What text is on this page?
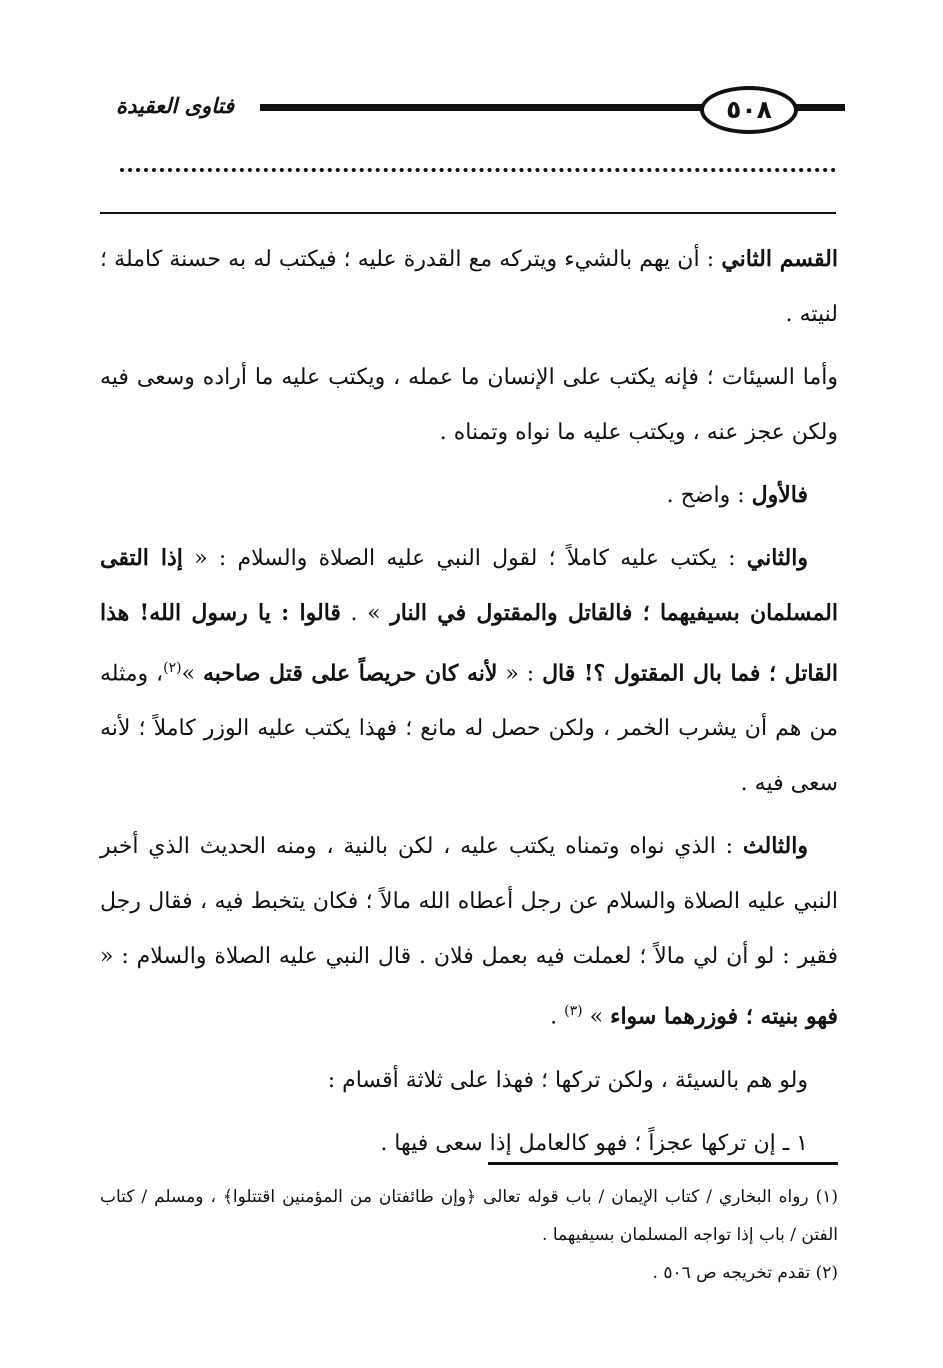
٥٠٨
فتاوى العقيدة

القسم الثاني : أن يهم بالشيء ويتركه مع القدرة عليه ؛ فيكتب له به حسنة كاملة ؛ لنيته .

وأما السيئات ؛ فإنه يكتب على الإنسان ما عمله ، ويكتب عليه ما أراده وسعى فيه ولكن عجز عنه ، ويكتب عليه ما نواه وتمناه .

فالأول : واضح .

والثاني : يكتب عليه كاملاً ؛ لقول النبي عليه الصلاة والسلام : « إذا التقى المسلمان بسيفيهما ؛ فالقاتل والمقتول في النار » . قالوا : يا رسول الله! هذا القاتل ؛ فما بال المقتول ؟! قال : « لأنه كان حريصاً على قتل صاحبه »$^{(٢)}$، ومثله من هم أن يشرب الخمر ، ولكن حصل له مانع ؛ فهذا يكتب عليه الوزر كاملاً ؛ لأنه سعى فيه .

والثالث : الذي نواه وتمناه يكتب عليه ، لكن بالنية ، ومنه الحديث الذي أخبر النبي عليه الصلاة والسلام عن رجل أعطاه الله مالاً ؛ فكان يتخبط فيه ، فقال رجل فقير : لو أن لي مالاً ؛ لعملت فيه بعمل فلان . قال النبي عليه الصلاة والسلام : « فهو بنيته ؛ فوزرهما سواء » $^{(٣)}$ .

ولو هم بالسيئة ، ولكن تركها ؛ فهذا على ثلاثة أقسام :

١ ـ إن تركها عجزاً ؛ فهو كالعامل إذا سعى فيها .

(١) رواه البخاري / كتاب الإيمان / باب قوله تعالى ﴿وإن طائفتان من المؤمنين اقتتلوا﴾ ، ومسلم / كتاب الفتن / باب إذا تواجه المسلمان بسيفيهما .

(٢) تقدم تخريجه ص ٥٠٦ .
